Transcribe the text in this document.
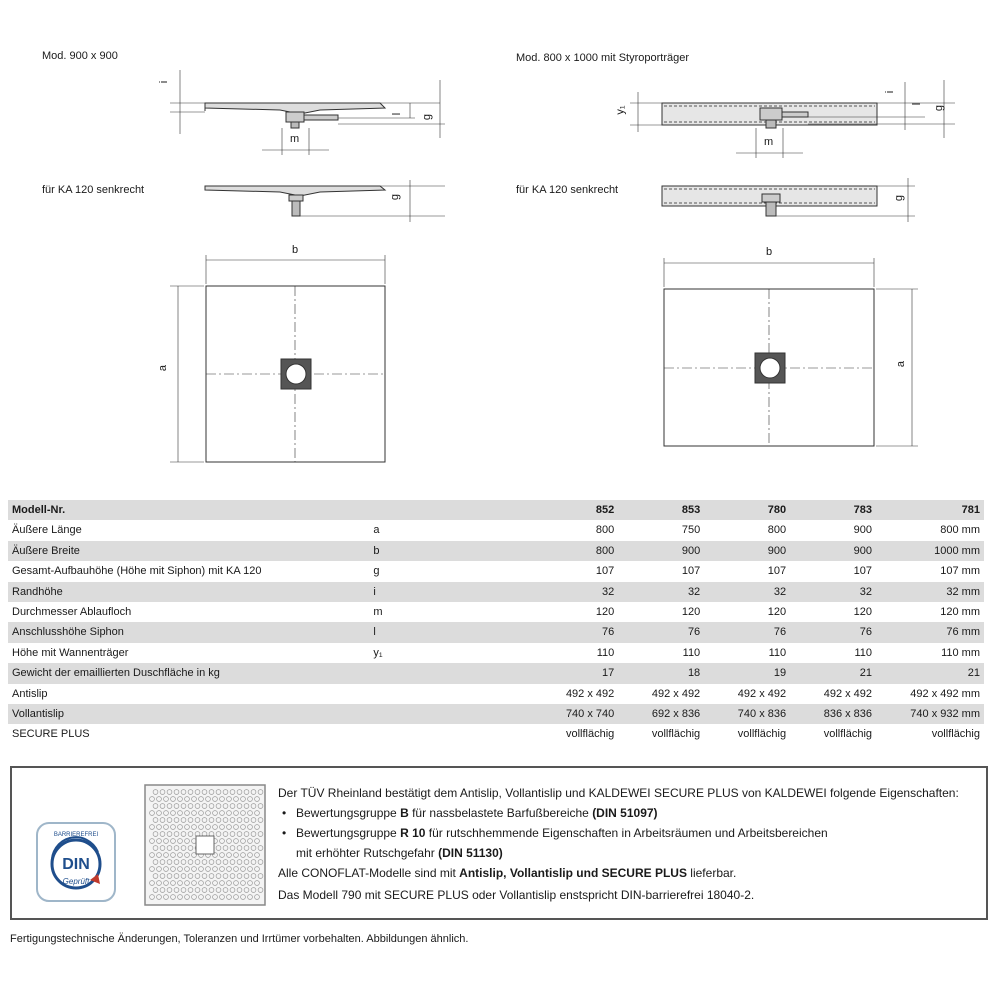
Mod. 900 x 900	Mod. 800 x 1000 mit Styroporträger
für KA 120 senkrecht	für KA 120 senkrecht
i
l g
m
g
a
b
y₁
i
l
g
m
g
a
b
Modell-Nr.		852	853	780	783	781
Äußere Länge	a	800	750	800	900	800 mm
Äußere Breite	b	800	900	900	900	1000 mm
Gesamt-Aufbauhöhe (Höhe mit Siphon) mit KA 120	g	107	107	107	107	107 mm
Randhöhe	i	32	32	32	32	32 mm
Durchmesser Ablaufloch	m	120	120	120	120	120 mm
Anschlusshöhe Siphon	l	76	76	76	76	76 mm
Höhe mit Wannenträger	y₁	110	110	110	110	110 mm
Gewicht der emaillierten Duschfläche in kg		17	18	19	21	21
Antislip		492 x 492	492 x 492	492 x 492	492 x 492	492 x 492 mm
Vollantislip		740 x 740	692 x 836	740 x 836	836 x 836	740 x 932 mm
SECURE PLUS		vollflächig	vollflächig	vollflächig	vollflächig	vollflächig
DIN
Geprüft
BARRIEREFREI

Der TÜV Rheinland bestätigt dem Antislip, Vollantislip und KALDEWEI SECURE PLUS von KALDEWEI folgende Eigenschaften:

• Bewertungsgruppe B für nassbelastete Barfußbereiche (DIN 51097)
• Bewertungsgruppe R 10 für rutschhemmende Eigenschaften in Arbeitsräumen und Arbeitsbereichen
mit erhöhter Rutschgefahr (DIN 51130)

Alle CONOFLAT-Modelle sind mit Antislip, Vollantislip und SECURE PLUS lieferbar.

Das Modell 790 mit SECURE PLUS oder Vollantislip enstspricht DIN-barrierefrei 18040-2.

Fertigungstechnische Änderungen, Toleranzen und Irrtümer vorbehalten. Abbildungen ähnlich.
